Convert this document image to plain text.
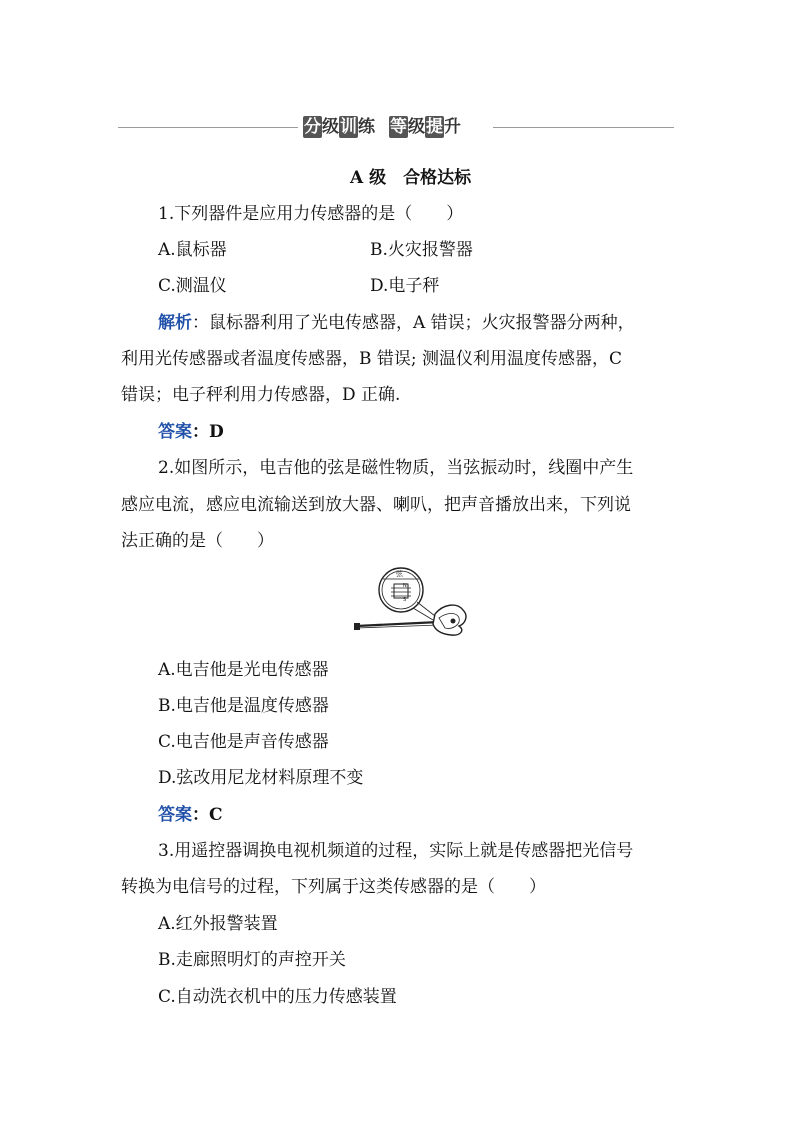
分级训练 等级提升
A 级　合格达标
1.下列器件是应用力传感器的是（　　）
A.鼠标器	B.火灾报警器
C.测温仪	D.电子秤
解析：鼠标器利用了光电传感器，A 错误；火灾报警器分两种，
利用光传感器或者温度传感器，B 错误; 测温仪利用温度传感器，C
错误；电子秤利用力传感器，D 正确.
答案：D
2.如图所示，电吉他的弦是磁性物质，当弦振动时，线圈中产生
感应电流，感应电流输送到放大器、喇叭，把声音播放出来，下列说
法正确的是（　　）
弦
N
S
A.电吉他是光电传感器
B.电吉他是温度传感器
C.电吉他是声音传感器
D.弦改用尼龙材料原理不变
答案：C
3.用遥控器调换电视机频道的过程，实际上就是传感器把光信号
转换为电信号的过程，下列属于这类传感器的是（　　）
A.红外报警装置
B.走廊照明灯的声控开关
C.自动洗衣机中的压力传感装置
